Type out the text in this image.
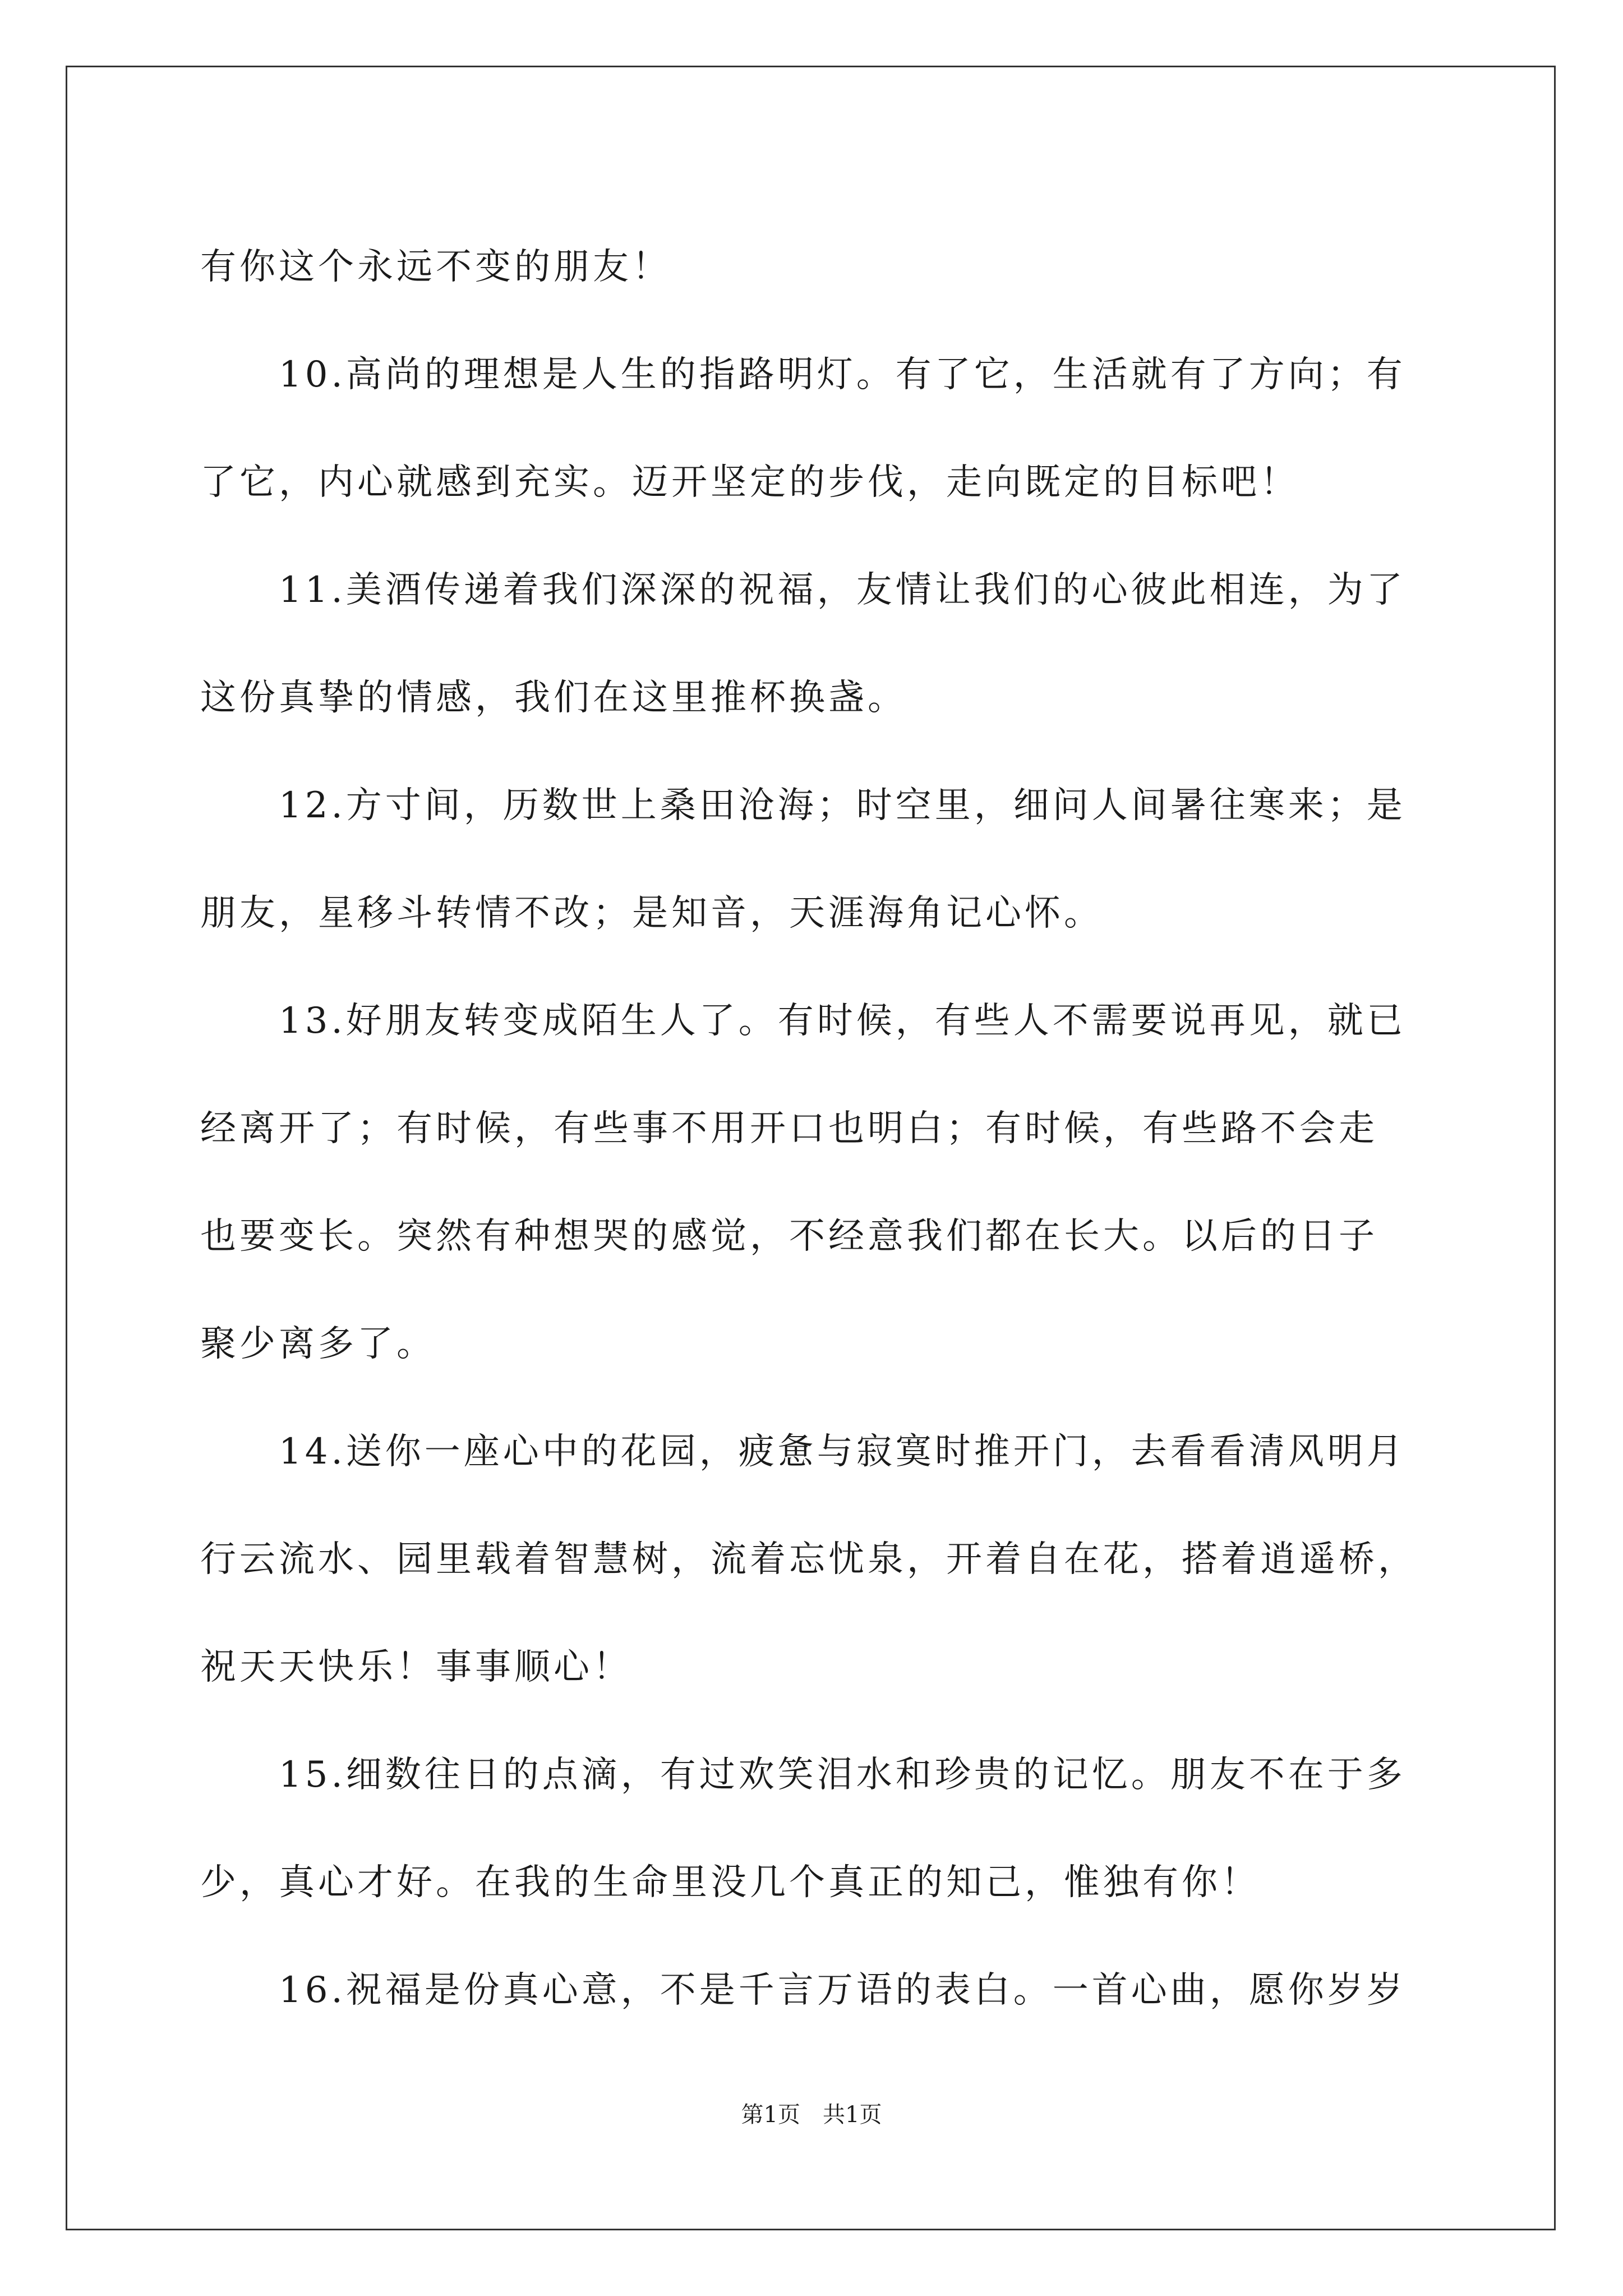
有你这个永远不变的朋友！
10.高尚的理想是人生的指路明灯。有了它，生活就有了方向；有
了它，内心就感到充实。迈开坚定的步伐，走向既定的目标吧！
11.美酒传递着我们深深的祝福，友情让我们的心彼此相连，为了
这份真挚的情感，我们在这里推杯换盏。
12.方寸间，历数世上桑田沧海；时空里，细问人间暑往寒来；是
朋友，星移斗转情不改；是知音，天涯海角记心怀。
13.好朋友转变成陌生人了。有时候，有些人不需要说再见，就已
经离开了；有时候，有些事不用开口也明白；有时候，有些路不会走
也要变长。突然有种想哭的感觉，不经意我们都在长大。以后的日子
聚少离多了。
14.送你一座心中的花园，疲惫与寂寞时推开门，去看看清风明月
行云流水、园里载着智慧树，流着忘忧泉，开着自在花，搭着逍遥桥，
祝天天快乐！事事顺心！
15.细数往日的点滴，有过欢笑泪水和珍贵的记忆。朋友不在于多
少，真心才好。在我的生命里没几个真正的知己，惟独有你！
16.祝福是份真心意，不是千言万语的表白。一首心曲，愿你岁岁
第1页　共1页
